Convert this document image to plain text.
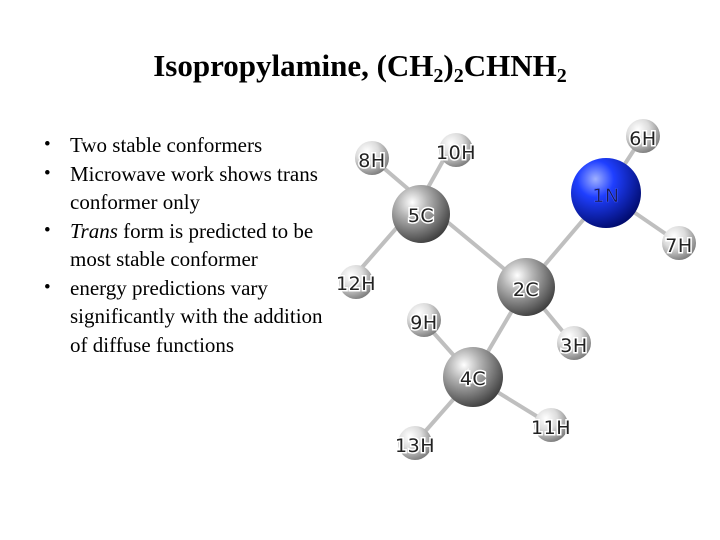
Isopropylamine, $(CH_2)_2CHNH_2$
• Two stable conformers
• Microwave work shows trans conformer only
• Trans form is predicted to be most stable conformer
• energy predictions vary significantly with the addition of diffuse functions
8H	10H
6H
5C
1N
7H
12H	2C
9H
3H
4C
11H
13H
